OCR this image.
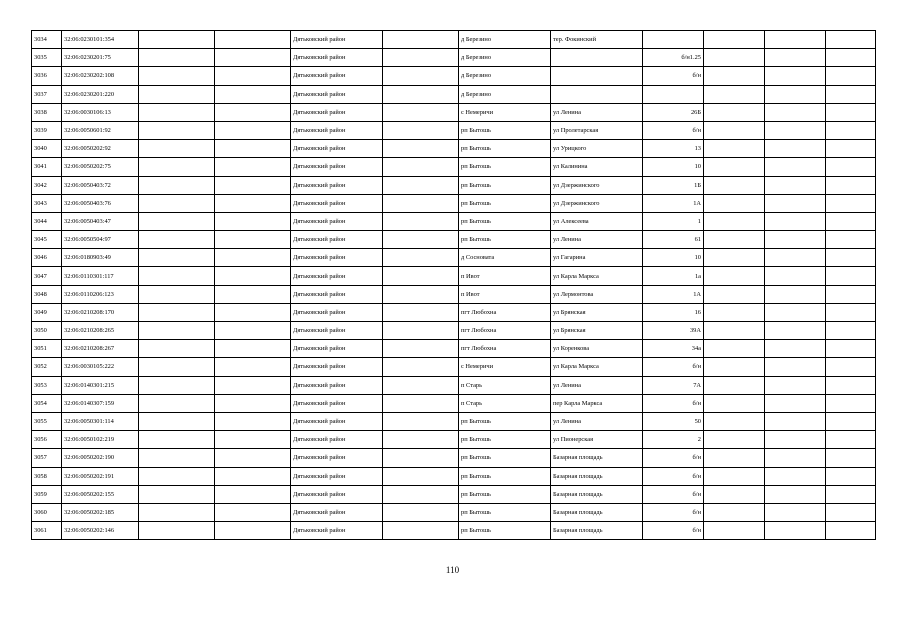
3034	32:06:0230101:354			Дятьковский район		д Березино	тер. Фокинский				
3035	32:06:0230201:75			Дятьковский район		д Березино		б/н1.25			
3036	32:06:0230202:108			Дятьковский район		д Березино		б/н			
3037	32:06:0230201:220			Дятьковский район		д Березино					
3038	32:06:0030106:13			Дятьковский район		с Немеричи	ул Ленина	26Б			
3039	32:06:0050601:92			Дятьковский район		рп Бытошь	ул Пролетарская	б/н			
3040	32:06:0050202:92			Дятьковский район		рп Бытошь	ул Урицкого	13			
3041	32:06:0050202:75			Дятьковский район		рп Бытошь	ул Калинина	10			
3042	32:06:0050403:72			Дятьковский район		рп Бытошь	ул Дзержинского	1Б			
3043	32:06:0050403:76			Дятьковский район		рп Бытошь	ул Дзержинского	1А			
3044	32:06:0050403:47			Дятьковский район		рп Бытошь	ул Алексеева	1			
3045	32:06:0050504:97			Дятьковский район		рп Бытошь	ул Ленина	61			
3046	32:06:0180903:49			Дятьковский район		д Сосновата	ул Гагарина	10			
3047	32:06:0110301:117			Дятьковский район		п Ивот	ул Карла Маркса	1а			
3048	32:06:0110206:123			Дятьковский район		п Ивот	ул Лермонтова	1А			
3049	32:06:0210208:170			Дятьковский район		пгт Любохна	ул Брянская	16			
3050	32:06:0210208:265			Дятьковский район		пгт Любохна	ул Брянская	39А			
3051	32:06:0210208:267			Дятьковский район		пгт Любохна	ул Коренкова	34а			
3052	32:06:0030105:222			Дятьковский район		с Немеричи	ул Карла Маркса	б/н			
3053	32:06:0140301:215			Дятьковский район		п Старь	ул Ленина	7А			
3054	32:06:0140307:159			Дятьковский район		п Старь	пер Карла Маркса	б/н			
3055	32:06:0050301:114			Дятьковский район		рп Бытошь	ул Ленина	50			
3056	32:06:0050102:219			Дятьковский район		рп Бытошь	ул Пионерская	2			
3057	32:06:0050202:190			Дятьковский район		рп Бытошь	Базарная площадь	б/н			
3058	32:06:0050202:191			Дятьковский район		рп Бытошь	Базарная площадь	б/н			
3059	32:06:0050202:155			Дятьковский район		рп Бытошь	Базарная площадь	б/н			
3060	32:06:0050202:185			Дятьковский район		рп Бытошь	Базарная площадь	б/н			
3061	32:06:0050202:146			Дятьковский район		рп Бытошь	Базарная площадь	б/н			
110
